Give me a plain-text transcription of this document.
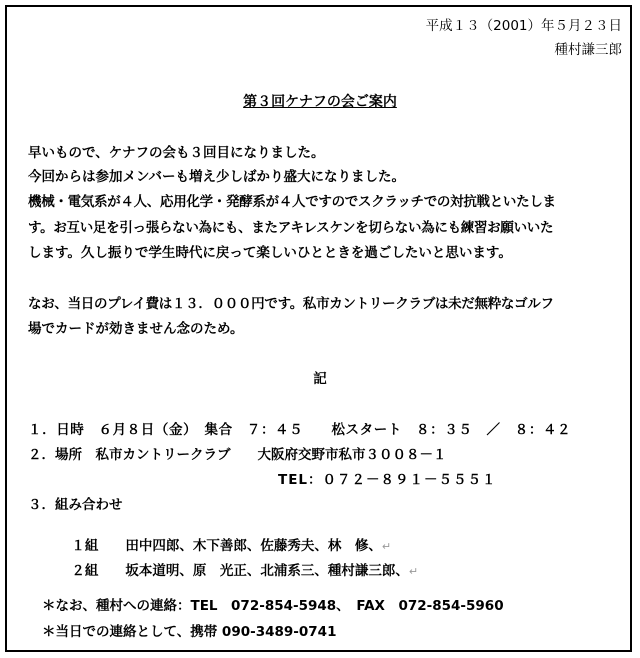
平成１３（2001）年５月２３日
種村謙三郎
第３回ケナフの会ご案内
早いもので、ケナフの会も３回目になりました。
今回からは参加メンバーも増え少しばかり盛大になりました。
機械・電気系が４人、応用化学・発酵系が４人ですのでスクラッチでの対抗戦といたしま
す。お互い足を引っ張らない為にも、またアキレスケンを切らない為にも練習お願いいた
します。久し振りで学生時代に戻って楽しいひとときを過ごしたいと思います。
なお、当日のプレイ費は１３．０００円です。私市カントリークラブは未だ無粋なゴルフ
場でカードが効きません念のため。
記
１．日時　６月８日（金）　集合　７：４５　　松スタート　８：３５　／　８：４２
２．場所　私市カントリークラブ　　大阪府交野市私市３００８－１
TEL：０７２－８９１－５５５１
３．組み合わせ

１組　　田中四郎、木下善郎、佐藤秀夫、林　修、↵

２組　　坂本道明、原　光正、北浦系三、種村謙三郎、↵

＊なお、種村への連絡：TEL　072-854-5948、　FAX　072-854-5960
＊当日での連絡として、携帯 090-3489-0741
